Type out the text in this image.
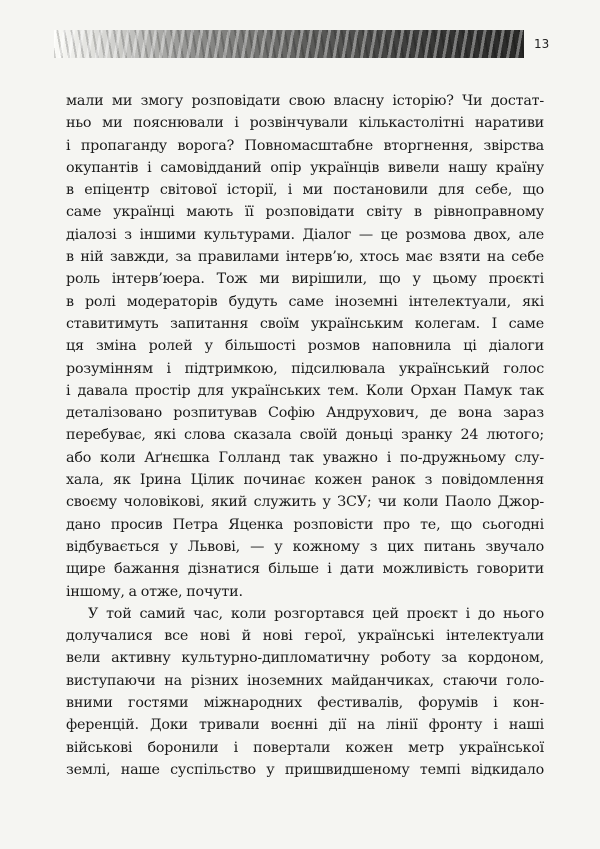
13
мали ми змогу розповідати свою власну історію? Чи достат-
ньо ми пояснювали і розвінчували кількастолітні наративи
і пропаганду ворога? Повномасштабне вторгнення, звірства
окупантів і самовідданий опір українців вивели нашу країну
в епіцентр світової історії, і ми постановили для себе, що
саме українці мають її розповідати світу в рівноправному
діалозі з іншими культурами. Діалог — це розмова двох, але
в ній завжди, за правилами інтерв’ю, хтось має взяти на себе
роль інтерв’юера. Тож ми вирішили, що у цьому проєкті
в ролі модераторів будуть саме іноземні інтелектуали, які
ставитимуть запитання своїм українським колегам. І саме
ця зміна ролей у більшості розмов наповнила ці діалоги
розумінням і підтримкою, підсилювала український голос
і давала простір для українських тем. Коли Орхан Памук так
деталізовано розпитував Софію Андрухович, де вона зараз
перебуває, які слова сказала своїй доньці зранку 24 лютого;
або коли Аґнєшка Голланд так уважно і по-дружньому слу-
хала, як Ірина Цілик починає кожен ранок з повідомлення
своєму чоловікові, який служить у ЗСУ; чи коли Паоло Джор-
дано просив Петра Яценка розповісти про те, що сьогодні
відбувається у Львові, — у кожному з цих питань звучало
щире бажання дізнатися більше і дати можливість говорити
іншому, а отже, почути.
У той самий час, коли розгортався цей проєкт і до нього
долучалися все нові й нові герої, українські інтелектуали
вели активну культурно-дипломатичну роботу за кордоном,
виступаючи на різних іноземних майданчиках, стаючи голо-
вними гостями міжнародних фестивалів, форумів і кон-
ференцій. Доки тривали воєнні дії на лінії фронту і наші
військові боронили і повертали кожен метр української
землі, наше суспільство у пришвидшеному темпі відкидало
